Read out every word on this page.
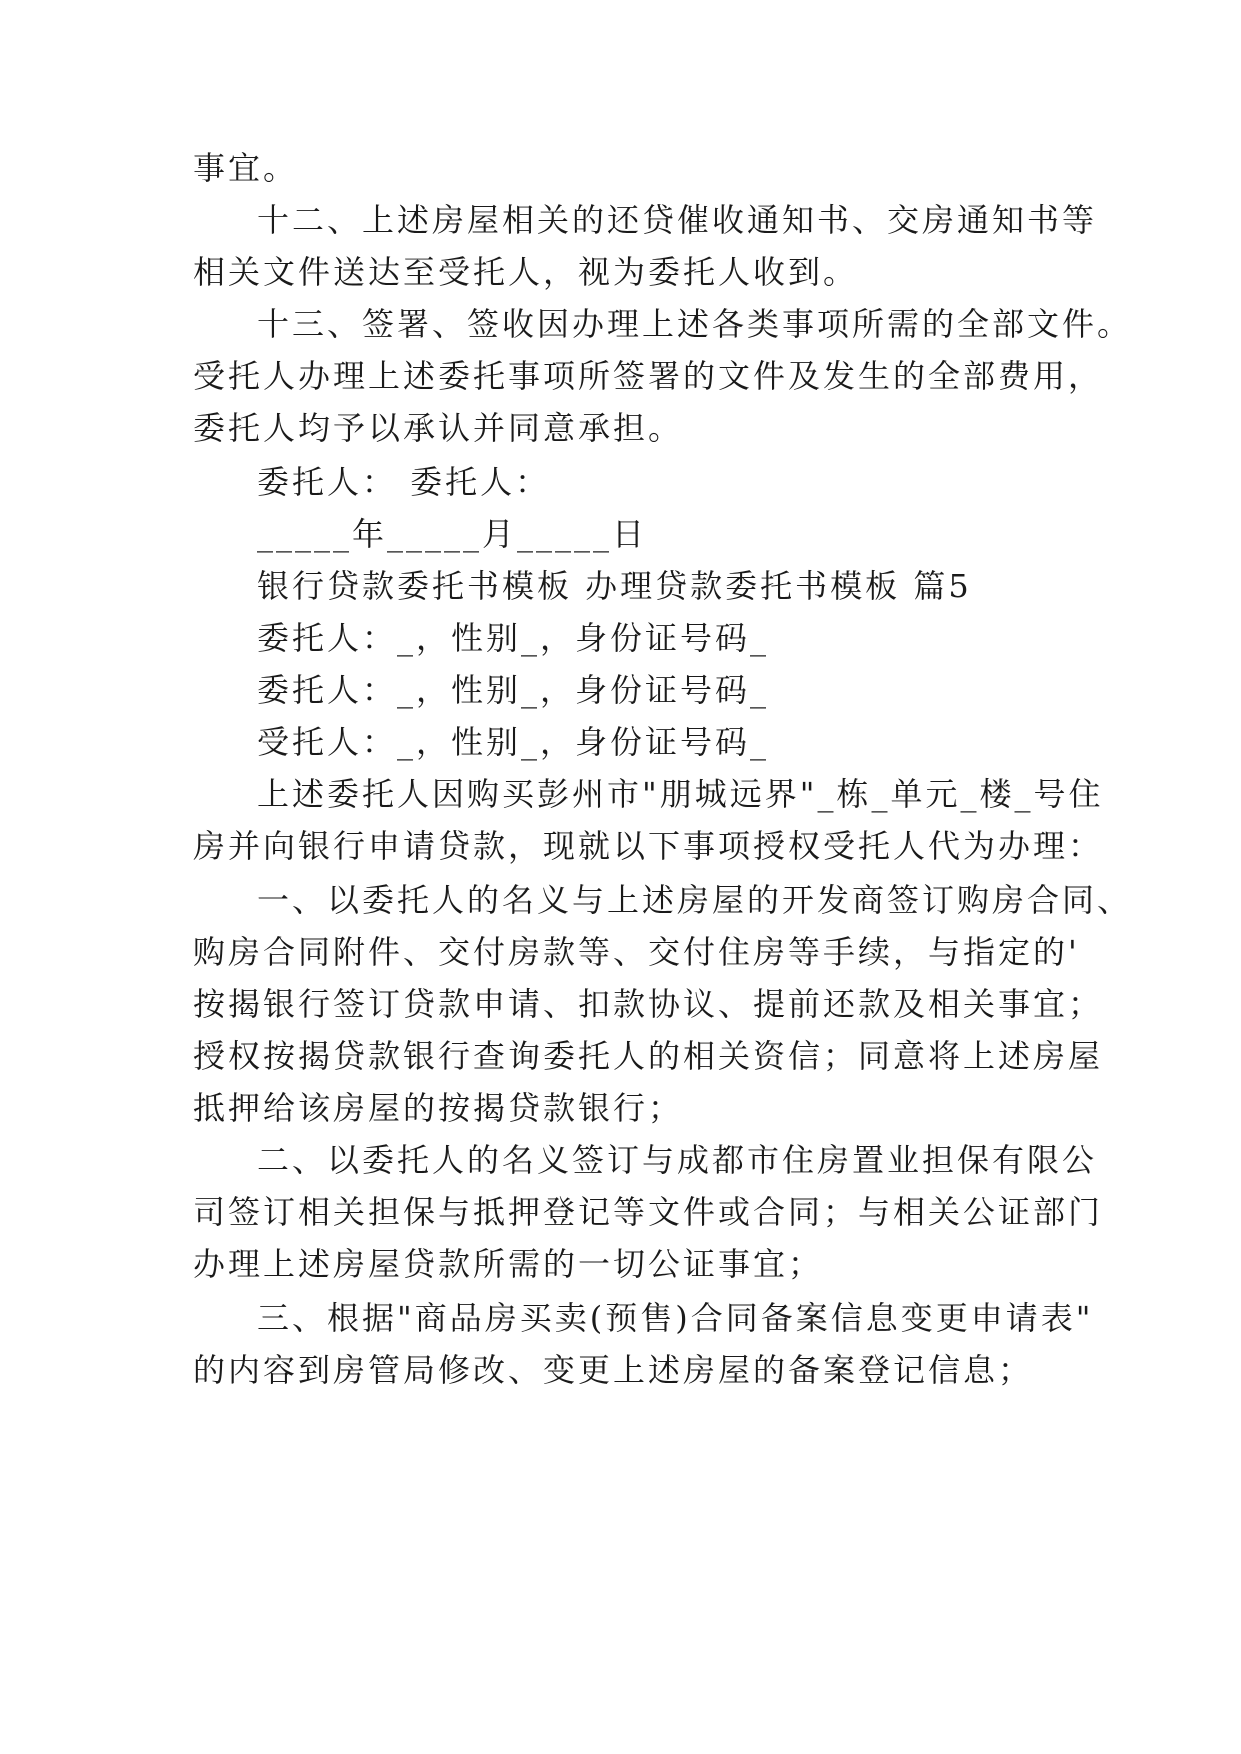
事宜。
十二、上述房屋相关的还贷催收通知书、交房通知书等
相关文件送达至受托人，视为委托人收到。
十三、签署、签收因办理上述各类事项所需的全部文件。
受托人办理上述委托事项所签署的文件及发生的全部费用，
委托人均予以承认并同意承担。
委托人： 委托人：
_____年_____月_____日
银行贷款委托书模板 办理贷款委托书模板 篇5
委托人：_，性别_，身份证号码_
委托人：_，性别_，身份证号码_
受托人：_，性别_，身份证号码_
上述委托人因购买彭州市"朋城远界"_栋_单元_楼_号住
房并向银行申请贷款，现就以下事项授权受托人代为办理：
一、以委托人的名义与上述房屋的开发商签订购房合同、
购房合同附件、交付房款等、交付住房等手续，与指定的'
按揭银行签订贷款申请、扣款协议、提前还款及相关事宜；
授权按揭贷款银行查询委托人的相关资信；同意将上述房屋
抵押给该房屋的按揭贷款银行；
二、以委托人的名义签订与成都市住房置业担保有限公
司签订相关担保与抵押登记等文件或合同；与相关公证部门
办理上述房屋贷款所需的一切公证事宜；
三、根据"商品房买卖(预售)合同备案信息变更申请表"
的内容到房管局修改、变更上述房屋的备案登记信息；
